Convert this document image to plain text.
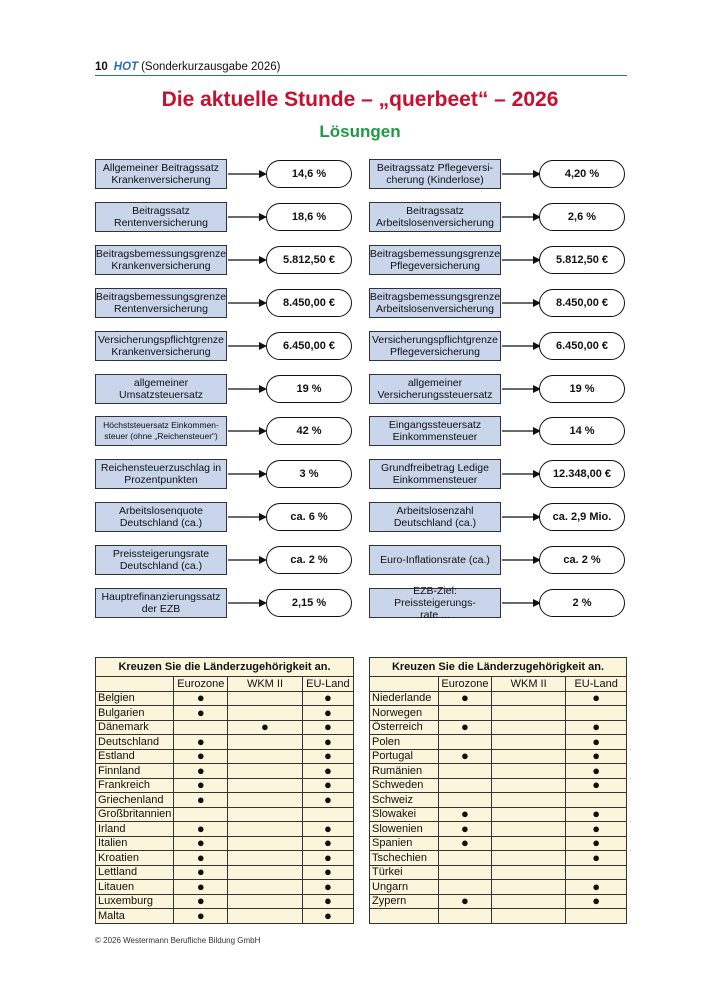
10 HOT (Sonderkurzausgabe 2026)
Die aktuelle Stunde – „querbeet“ – 2026
Lösungen
Allgemeiner Beitragssatz
Krankenversicherung	14,6 %
Beitragssatz
Rentenversicherung	18,6 %
Beitragsbemessungsgrenze
Krankenversicherung	5.812,50 €
Beitragsbemessungsgrenze
Rentenversicherung	8.450,00 €
Versicherungspflichtgrenze
Krankenversicherung	6.450,00 €
allgemeiner
Umsatzsteuersatz	19 %
Höchststeuersatz Einkommen-
steuer (ohne „Reichensteuer“)	42 %
Reichensteuerzuschlag in
Prozentpunkten	3 %
Arbeitslosenquote
Deutschland (ca.)	ca. 6 %
Preissteigerungsrate
Deutschland (ca.)	ca. 2 %
Hauptrefinanzierungssatz
der EZB	2,15 %
Beitragssatz Pflegeversi-
cherung (Kinderlose)	4,20 %
Beitragssatz
Arbeitslosenversicherung	2,6 %
Beitragsbemessungsgrenze
Pflegeversicherung	5.812,50 €
Beitragsbemessungsgrenze
Arbeitslosenversicherung	8.450,00 €
Versicherungspflichtgrenze
Pflegeversicherung	6.450,00 €
allgemeiner
Versicherungssteuersatz	19 %
Eingangssteuersatz
Einkommensteuer	14 %
Grundfreibetrag Ledige
Einkommensteuer	12.348,00 €
Arbeitslosenzahl
Deutschland (ca.)	ca. 2,9 Mio.
Euro-Inflationsrate (ca.)	ca. 2 %
EZB-Ziel: Preissteigerungs-
rate ...
2 %
Kreuzen Sie die Länderzugehörigkeit an.			
	Eurozone	WKM II	EU-Land
Belgien	●		●
Bulgarien	●		●
Dänemark		●	●
Deutschland	●		●
Estland	●		●
Finnland	●		●
Frankreich	●		●
Griechenland	●		●
Großbritannien			
Irland	●		●
Italien	●		●
Kroatien	●		●
Lettland	●		●
Litauen	●		●
Luxemburg	●		●
Malta	●		●
Kreuzen Sie die Länderzugehörigkeit an.			
	Eurozone	WKM II	EU-Land
Niederlande	●		●
Norwegen			
Österreich	●		●
Polen			●
Portugal	●		●
Rumänien			●
Schweden			●
Schweiz			
Slowakei	●		●
Slowenien	●		●
Spanien	●		●
Tschechien			●
Türkei			
Ungarn			●
Zypern	●		●

© 2026 Westermann Berufliche Bildung GmbH
